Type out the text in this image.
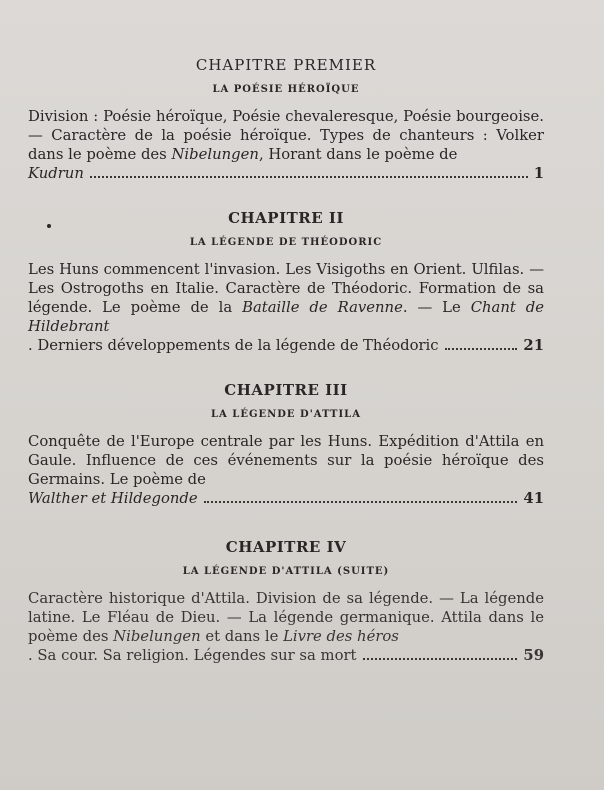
CHAPITRE PREMIER
LA POÉSIE HÉROÏQUE

Division : Poésie héroïque, Poésie chevaleresque, Poésie bourgeoise. — Caractère de la poésie héroïque. Types de chanteurs : Volker dans le poème des Nibelungen, Horant dans le poème de
Kudrun	1

CHAPITRE II
LA LÉGENDE DE THÉODORIC

Les Huns commencent l'invasion. Les Visigoths en Orient. Ulfilas. — Les Ostrogoths en Italie. Caractère de Théodoric. Formation de sa légende. Le poème de la Bataille de Ravenne. — Le Chant de Hildebrant
. Derniers développements de la légende de Théodoric	21

CHAPITRE III
LA LÉGENDE D'ATTILA

Conquête de l'Europe centrale par les Huns. Expédition d'Attila en Gaule. Influence de ces événements sur la poésie héroïque des Germains. Le poème de
Walther et Hildegonde	41

CHAPITRE IV
LA LÉGENDE D'ATTILA (SUITE)

Caractère historique d'Attila. Division de sa légende. — La légende latine. Le Fléau de Dieu. — La légende germanique. Attila dans le poème des Nibelungen et dans le Livre des héros
. Sa cour. Sa religion. Légendes sur sa mort	59
